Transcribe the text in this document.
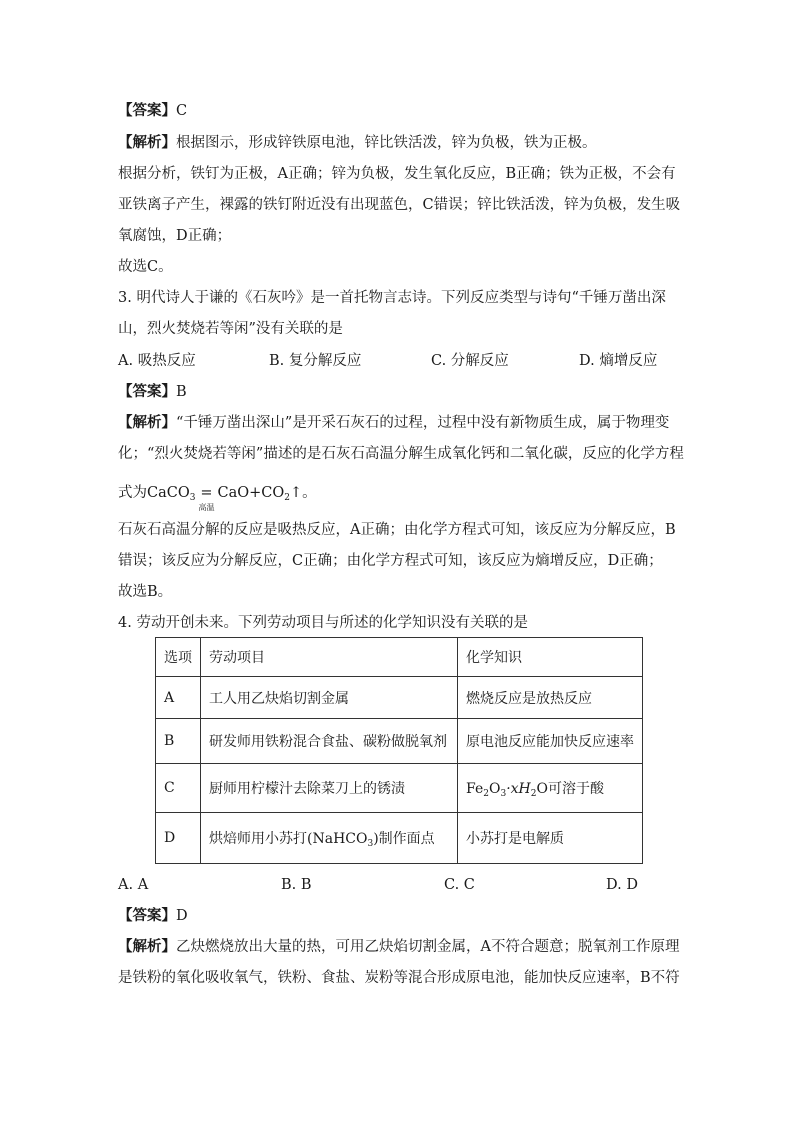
【答案】C
【解析】根据图示，形成锌铁原电池，锌比铁活泼，锌为负极，铁为正极。
根据分析，铁钉为正极，A正确；锌为负极，发生氧化反应，B正确；铁为正极，不会有
亚铁离子产生，裸露的铁钉附近没有出现蓝色，C错误；锌比铁活泼，锌为负极，发生吸
氧腐蚀，D正确；
故选C。
3. 明代诗人于谦的《石灰吟》是一首托物言志诗。下列反应类型与诗句“千锤万凿出深
山，烈火焚烧若等闲”没有关联的是
A. 吸热反应	B. 复分解反应	C. 分解反应	D. 熵增反应
【答案】B
【解析】“千锤万凿出深山”是开采石灰石的过程，过程中没有新物质生成，属于物理变
化；“烈火焚烧若等闲”描述的是石灰石高温分解生成氧化钙和二氧化碳，反应的化学方程
式为CaCO$_3$ =
高温
$CaO+CO_2↑$。
石灰石高温分解的反应是吸热反应，A正确；由化学方程式可知，该反应为分解反应，B
错误；该反应为分解反应，C正确；由化学方程式可知，该反应为熵增反应，D正确；
故选B。
4. 劳动开创未来。下列劳动项目与所述的化学知识没有关联的是
选项	劳动项目	化学知识
A	工人用乙炔焰切割金属	燃烧反应是放热反应
B	研发师用铁粉混合食盐、碳粉做脱氧剂	原电池反应能加快反应速率
C	厨师用柠檬汁去除菜刀上的锈渍	$Fe_2O_3\cdot xH_2O$可溶于酸
D	烘焙师用小苏打(NaHCO$_3$)制作面点	小苏打是电解质
A. A	B. B	C. C	D. D
【答案】D
【解析】乙炔燃烧放出大量的热，可用乙炔焰切割金属，A不符合题意；脱氧剂工作原理
是铁粉的氧化吸收氧气，铁粉、食盐、炭粉等混合形成原电池，能加快反应速率，B不符
